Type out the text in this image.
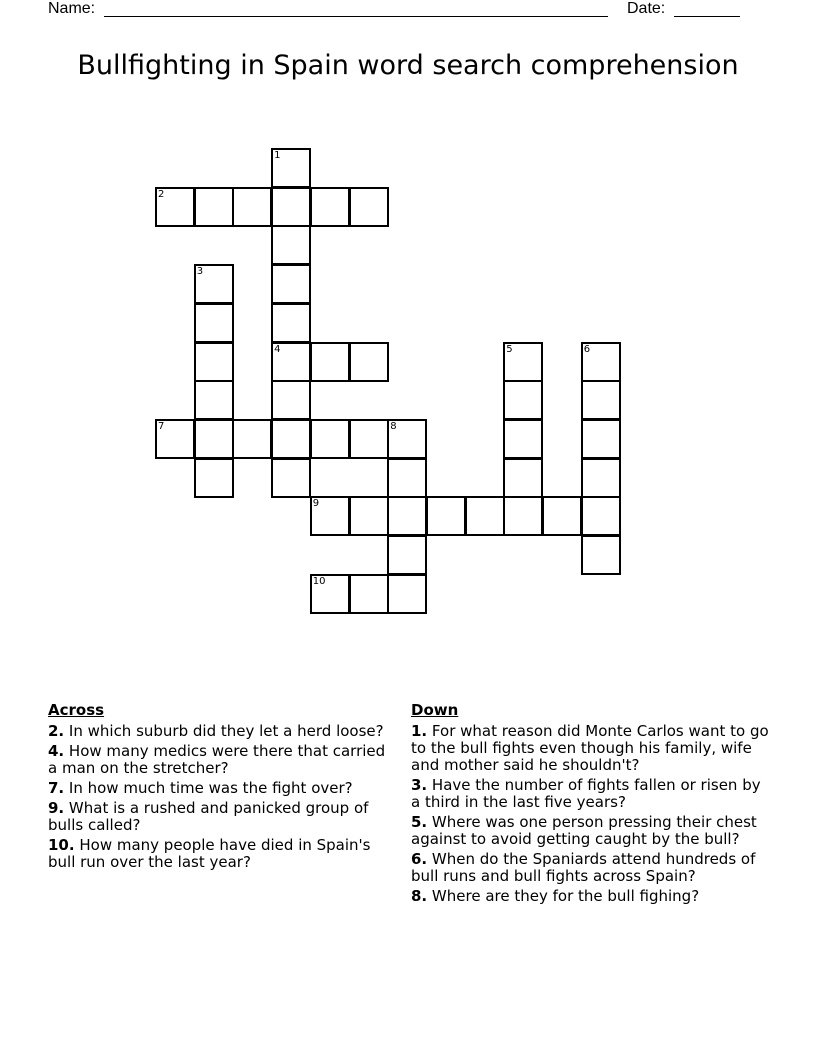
Name:	Date:
Bullfighting in Spain word search comprehension
1
2
3
4	5	6
7	8
9
10
Across
2. In which suburb did they let a herd loose?
4. How many medics were there that carried a man on the stretcher?
7. In how much time was the fight over?
9. What is a rushed and panicked group of bulls called?
10. How many people have died in Spain's bull run over the last year?
Down
1. For what reason did Monte Carlos want to go to the bull fights even though his family, wife and mother said he shouldn't?
3. Have the number of fights fallen or risen by a third in the last five years?
5. Where was one person pressing their chest against to avoid getting caught by the bull?
6. When do the Spaniards attend hundreds of bull runs and bull fights across Spain?
8. Where are they for the bull fighing?
